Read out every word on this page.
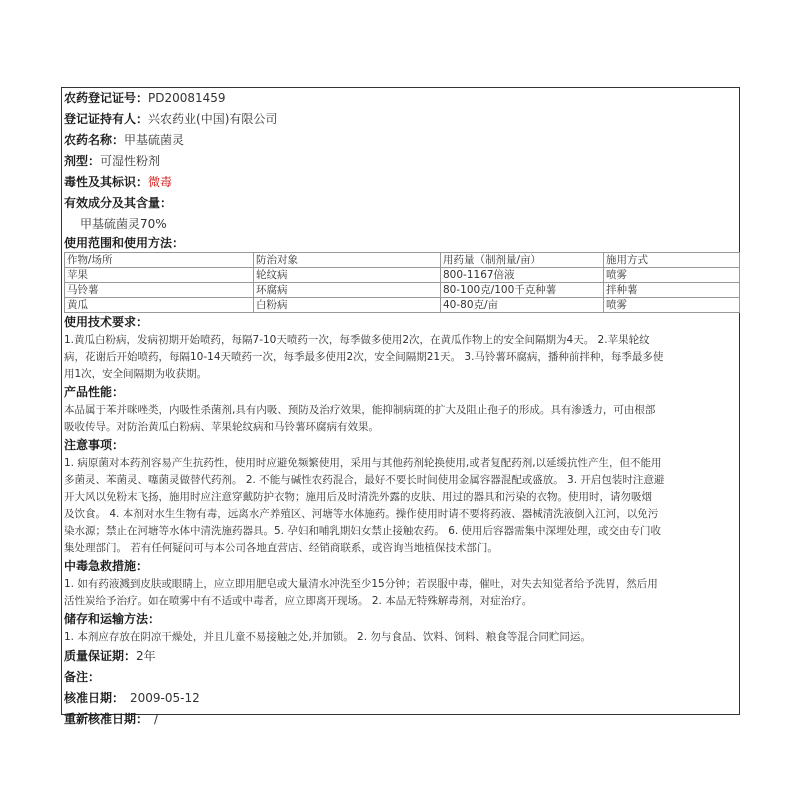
农药登记证号：PD20081459
登记证持有人：兴农药业(中国)有限公司
农药名称：甲基硫菌灵
剂型：可湿性粉剂
毒性及其标识：微毒
有效成分及其含量：
甲基硫菌灵70%
使用范围和使用方法：
作物/场所	防治对象	用药量（制剂量/亩）	施用方式
苹果	轮纹病	800-1167倍液	喷雾
马铃薯	环腐病	80-100克/100千克种薯	拌种薯
黄瓜	白粉病	40-80克/亩	喷雾
使用技术要求：

1.黄瓜白粉病，发病初期开始喷药，每隔7-10天喷药一次，每季做多使用2次，在黄瓜作物上的安全间隔期为4天。 2.苹果轮纹

病，花谢后开始喷药，每隔10-14天喷药一次，每季最多使用2次，安全间隔期21天。 3.马铃薯环腐病，播种前拌种，每季最多使

用1次，安全间隔期为收获期。

产品性能：

本品属于苯并咪唑类，内吸性杀菌剂,具有内吸、预防及治疗效果，能抑制病斑的扩大及阻止孢子的形成。具有渗透力，可由根部

吸收传导。对防治黄瓜白粉病、苹果轮纹病和马铃薯环腐病有效果。

注意事项：

1. 病原菌对本药剂容易产生抗药性，使用时应避免频繁使用，采用与其他药剂轮换使用,或者复配药剂,以延缓抗性产生，但不能用

多菌灵、苯菌灵、噻菌灵做替代药剂。 2. 不能与碱性农药混合，最好不要长时间使用金属容器混配或盛放。 3. 开启包装时注意避

开大风以免粉末飞扬，施用时应注意穿戴防护衣物；施用后及时清洗外露的皮肤、用过的器具和污染的衣物。使用时，请勿吸烟

及饮食。 4. 本剂对水生生物有毒，远离水产养殖区、河塘等水体施药。操作使用时请不要将药液、器械清洗液倒入江河，以免污

染水源；禁止在河塘等水体中清洗施药器具。5. 孕妇和哺乳期妇女禁止接触农药。 6. 使用后容器需集中深埋处理，或交由专门收

集处理部门。 若有任何疑问可与本公司各地直营店、经销商联系，或咨询当地植保技术部门。

中毒急救措施：

1. 如有药液溅到皮肤或眼睛上，应立即用肥皂或大量清水冲洗至少15分钟；若误服中毒，催吐，对失去知觉者给予洗胃，然后用

活性炭给予治疗。如在喷雾中有不适或中毒者，应立即离开现场。 2. 本品无特殊解毒剂，对症治疗。

储存和运输方法：

1. 本剂应存放在阴凉干燥处，并且儿童不易接触之处,并加锁。 2. 勿与食品、饮料、饲料、粮食等混合同贮同运。

质量保证期：2年
备注：
核准日期： 2009-05-12
重新核准日期： /
